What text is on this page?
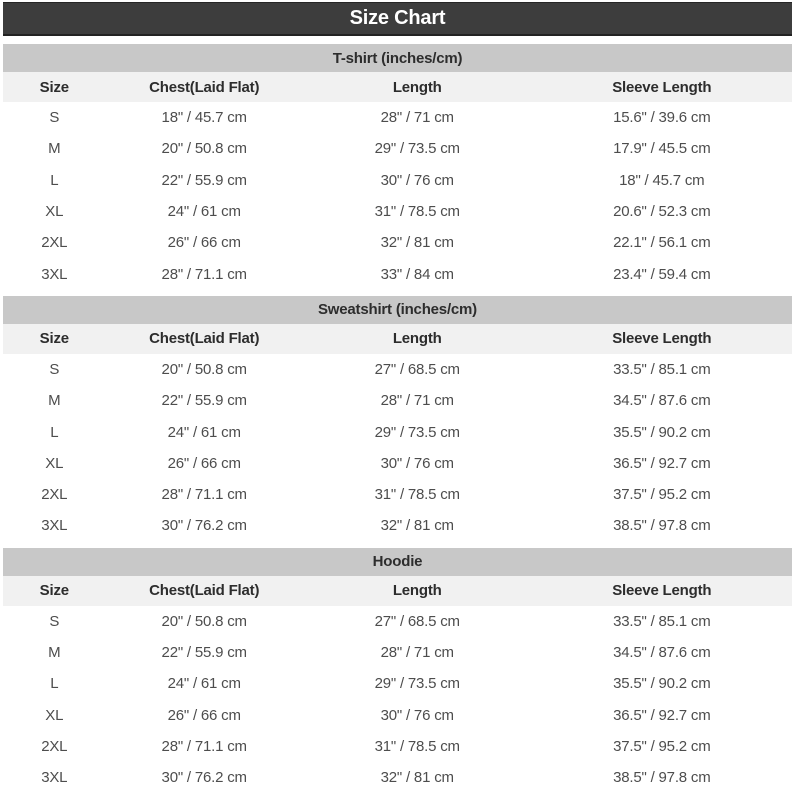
Size Chart
T-shirt (inches/cm)
Size	Chest(Laid Flat)	Length	Sleeve Length
S	18" / 45.7 cm	28" / 71 cm	15.6" / 39.6 cm
M	20" / 50.8 cm	29" / 73.5 cm	17.9" / 45.5 cm
L	22" / 55.9 cm	30" / 76 cm	18" / 45.7 cm
XL	24" / 61 cm	31" / 78.5 cm	20.6" / 52.3 cm
2XL	26" / 66 cm	32" / 81 cm	22.1" / 56.1 cm
3XL	28" / 71.1 cm	33" / 84 cm	23.4" / 59.4 cm
Sweatshirt (inches/cm)
Size	Chest(Laid Flat)	Length	Sleeve Length
S	20" / 50.8 cm	27" / 68.5 cm	33.5" / 85.1 cm
M	22" / 55.9 cm	28" / 71 cm	34.5" / 87.6 cm
L	24" / 61 cm	29" / 73.5 cm	35.5" / 90.2 cm
XL	26" / 66 cm	30" / 76 cm	36.5" / 92.7 cm
2XL	28" / 71.1 cm	31" / 78.5 cm	37.5" / 95.2 cm
3XL	30" / 76.2 cm	32" / 81 cm	38.5" / 97.8 cm
Hoodie
Size	Chest(Laid Flat)	Length	Sleeve Length
S	20" / 50.8 cm	27" / 68.5 cm	33.5" / 85.1 cm
M	22" / 55.9 cm	28" / 71 cm	34.5" / 87.6 cm
L	24" / 61 cm	29" / 73.5 cm	35.5" / 90.2 cm
XL	26" / 66 cm	30" / 76 cm	36.5" / 92.7 cm
2XL	28" / 71.1 cm	31" / 78.5 cm	37.5" / 95.2 cm
3XL	30" / 76.2 cm	32" / 81 cm	38.5" / 97.8 cm
